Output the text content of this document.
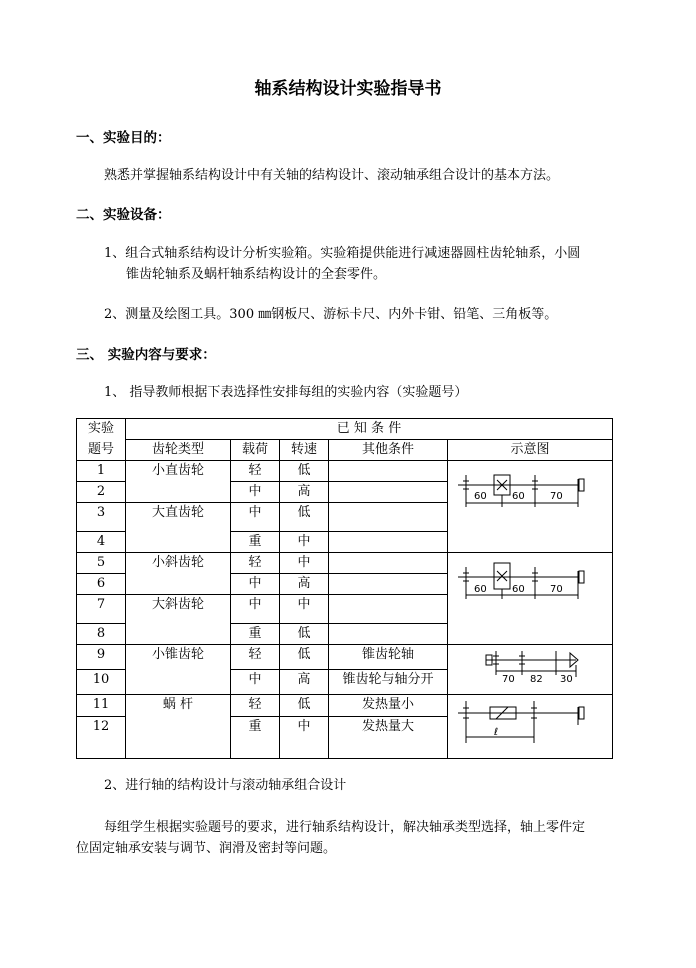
轴系结构设计实验指导书
一、实验目的：
熟悉并掌握轴系结构设计中有关轴的结构设计、滚动轴承组合设计的基本方法。
二、实验设备：
1、组合式轴系结构设计分析实验箱。实验箱提供能进行减速器圆柱齿轮轴系，小圆
锥齿轮轴系及蜗杆轴系结构设计的全套零件。
2、测量及绘图工具。300 ㎜钢板尺、游标卡尺、内外卡钳、铅笔、三角板等。
三、 实验内容与要求：
1、 指导教师根据下表选择性安排每组的实验内容（实验题号）
实验	已 知 条 件				
题号	齿轮类型	载荷	转速	其他条件	示意图
1	小直齿轮	轻	低		60 60 70

2		中	高		
3	大直齿轮	中	低		
4		重	中		
5	小斜齿轮	轻	中		60 60 70

6		中	高		
7	大斜齿轮	中	中		
8		重	低		
9	小锥齿轮	轻	低	锥齿轮轴	70 82 30

10		中	高	锥齿轮与轴分开	
11	蜗 杆	轻	低	发热量小	ℓ

12		重	中	发热量大	
2、进行轴的结构设计与滚动轴承组合设计
每组学生根据实验题号的要求，进行轴系结构设计，解决轴承类型选择，轴上零件定
位固定轴承安装与调节、润滑及密封等问题。
